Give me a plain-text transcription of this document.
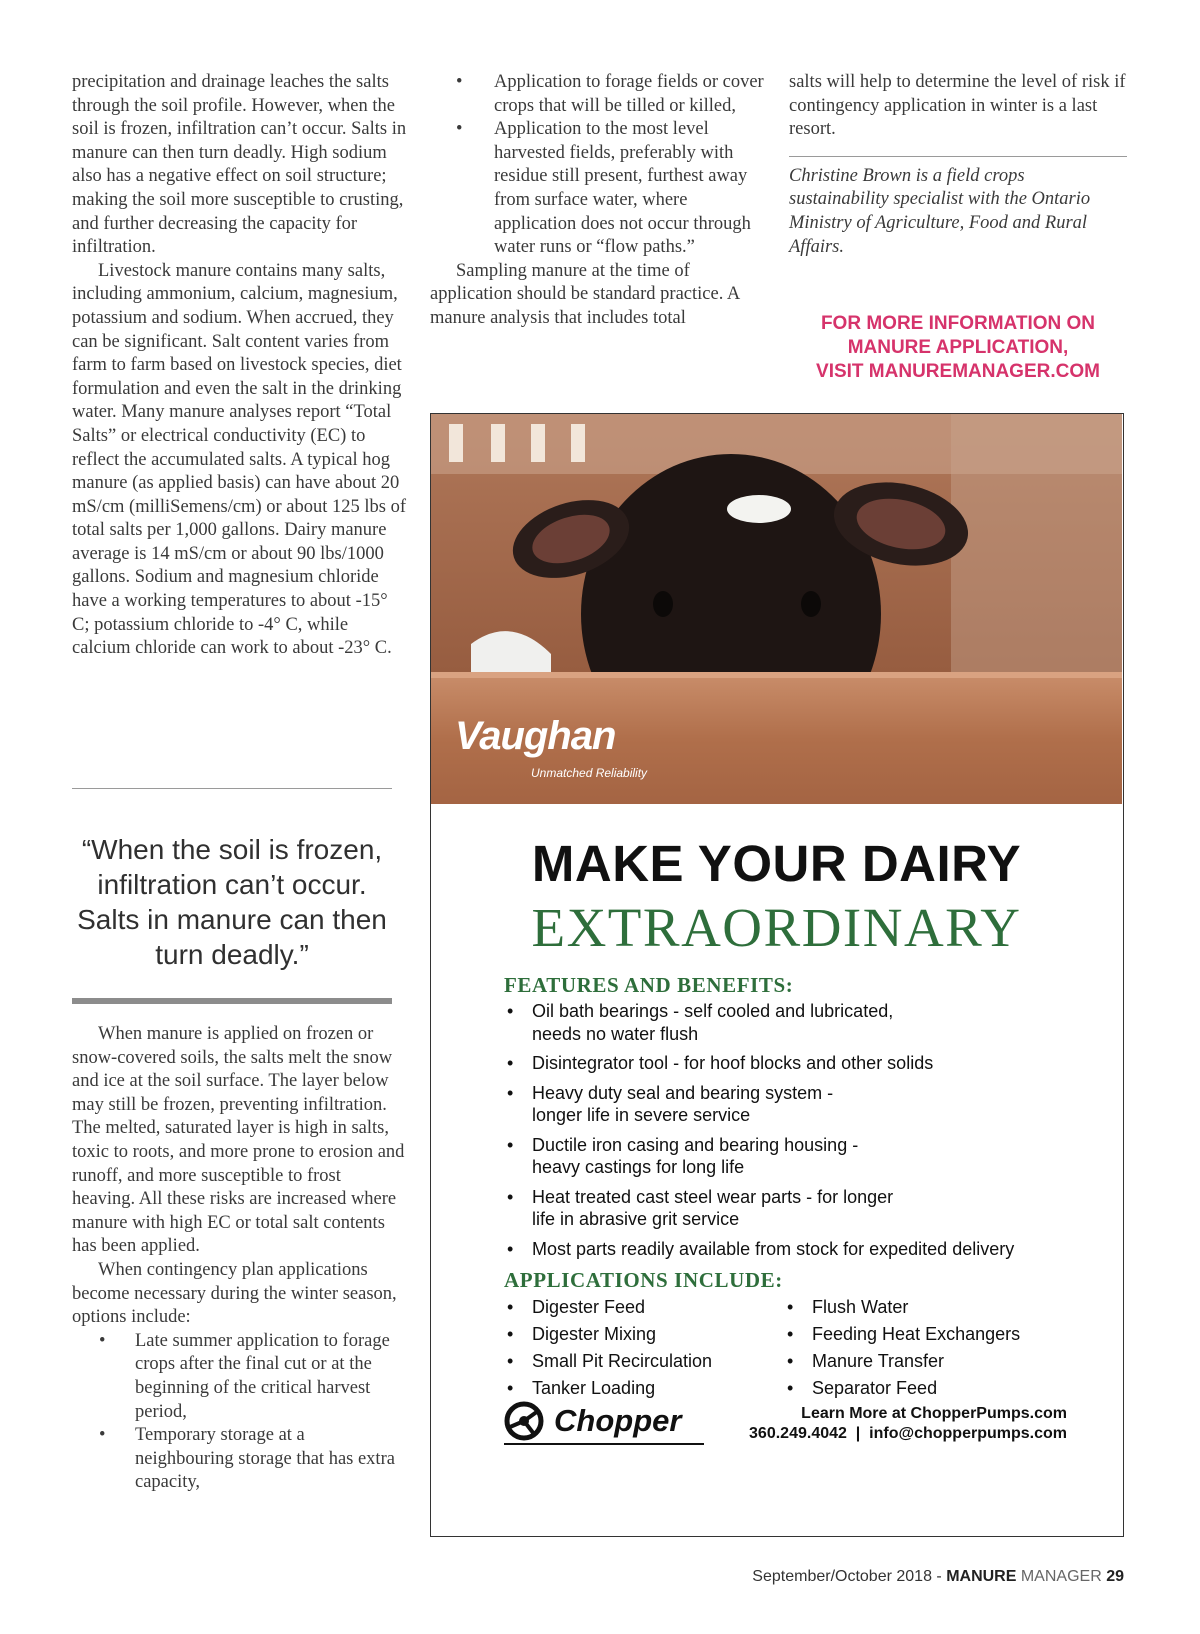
precipitation and drainage leaches the salts through the soil profile. However, when the soil is frozen, infiltration can’t occur. Salts in manure can then turn deadly. High sodium also has a negative effect on soil structure; making the soil more susceptible to crusting, and further decreasing the capacity for infiltration.

Livestock manure contains many salts, including ammonium, calcium, magnesium, potassium and sodium. When accrued, they can be significant. Salt content varies from farm to farm based on livestock species, diet formulation and even the salt in the drinking water. Many manure analyses report “Total Salts” or electrical conductivity (EC) to reflect the accumulated salts. A typical hog manure (as applied basis) can have about 20 mS/cm (milliSemens/cm) or about 125 lbs of total salts per 1,000 gallons. Dairy manure average is 14 mS/cm or about 90 lbs/1000 gallons. Sodium and magnesium chloride have a working temperatures to about -15° C; potassium chloride to -4° C, while calcium chloride can work to about -23° C.

“When the soil is frozen, infiltration can’t occur. Salts in manure can then turn deadly.”

When manure is applied on frozen or snow-covered soils, the salts melt the snow and ice at the soil surface. The layer below may still be frozen, preventing infiltration. The melted, saturated layer is high in salts, toxic to roots, and more prone to erosion and runoff, and more susceptible to frost heaving. All these risks are increased where manure with high EC or total salt contents has been applied.

When contingency plan applications become necessary during the winter season, options include:

• Late summer application to forage crops after the final cut or at the beginning of the critical harvest period,
• Temporary storage at a neighbouring storage that has extra capacity,
• Application to forage fields or cover crops that will be tilled or killed,
• Application to the most level harvested fields, preferably with residue still present, furthest away from surface water, where application does not occur through water runs or “flow paths.”

Sampling manure at the time of application should be standard practice. A manure analysis that includes total

salts will help to determine the level of risk if contingency application in winter is a last resort.

Christine Brown is a field crops sustainability specialist with the Ontario Ministry of Agriculture, Food and Rural Affairs.

FOR MORE INFORMATION ON
MANURE APPLICATION,
VISIT MANUREMANAGER.COM
Vaughan
Unmatched Reliability
MAKE YOUR DAIRY
EXTRAORDINARY
FEATURES AND BENEFITS:
• Oil bath bearings - self cooled and lubricated,
needs no water flush
• Disintegrator tool - for hoof blocks and other solids
• Heavy duty seal and bearing system -
longer life in severe service
• Ductile iron casing and bearing housing -
heavy castings for long life
• Heat treated cast steel wear parts - for longer
life in abrasive grit service
• Most parts readily available from stock for expedited delivery
APPLICATIONS INCLUDE:
• Digester Feed
• Digester Mixing
• Small Pit Recirculation
• Tanker Loading
• Flush Water
• Feeding Heat Exchangers
• Manure Transfer
• Separator Feed
Chopper	Learn More at ChopperPumps.com
360.249.4042  |  info@chopperpumps.com
September/October 2018 - MANURE MANAGER 29
